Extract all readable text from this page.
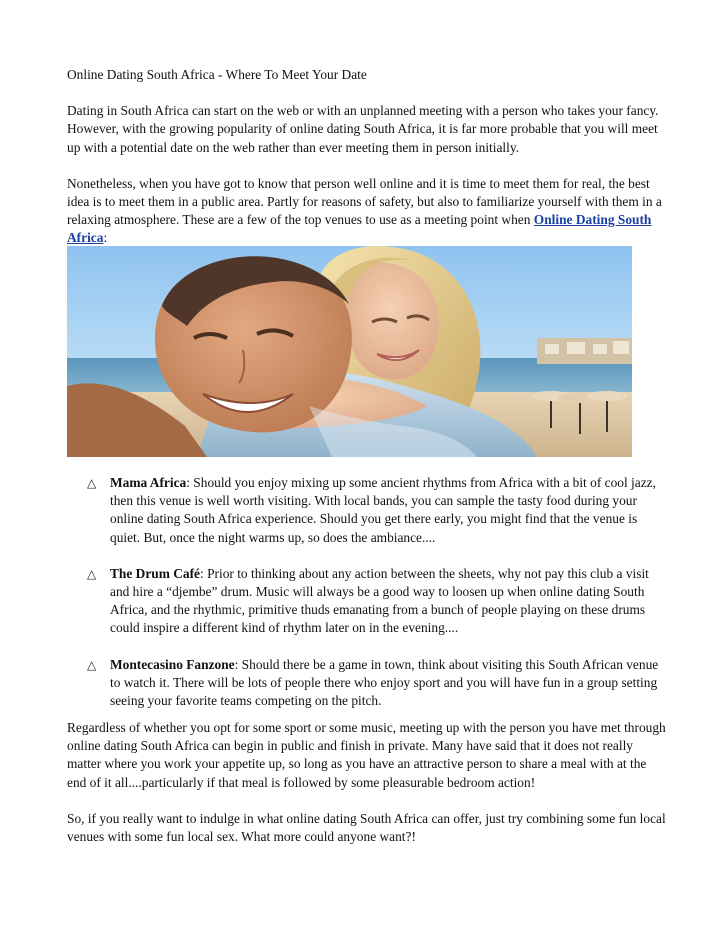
Online Dating South Africa - Where To Meet Your Date

Dating in South Africa can start on the web or with an unplanned meeting with a person who takes your fancy. However, with the growing popularity of online dating South Africa, it is far more probable that you will meet up with a potential date on the web rather than ever meeting them in person initially.

Nonetheless, when you have got to know that person well online and it is time to meet them for real, the best idea is to meet them in a public area. Partly for reasons of safety, but also to familiarize yourself with them in a relaxing atmosphere. These are a few of the top venues to use as a meeting point when Online Dating South Africa:

△	Mama Africa: Should you enjoy mixing up some ancient rhythms from Africa with a bit of cool jazz, then this venue is well worth visiting. With local bands, you can sample the tasty food during your online dating South Africa experience. Should you get there early, you might find that the venue is quiet. But, once the night warms up, so does the ambiance....
△	The Drum Café: Prior to thinking about any action between the sheets, why not pay this club a visit and hire a “djembe” drum. Music will always be a good way to loosen up when online dating South Africa, and the rhythmic, primitive thuds emanating from a bunch of people playing on these drums could inspire a different kind of rhythm later on in the evening....
△	Montecasino Fanzone: Should there be a game in town, think about visiting this South African venue to watch it. There will be lots of people there who enjoy sport and you will have fun in a group setting seeing your favorite teams competing on the pitch.

Regardless of whether you opt for some sport or some music, meeting up with the person you have met through online dating South Africa can begin in public and finish in private. Many have said that it does not really matter where you work your appetite up, so long as you have an attractive person to share a meal with at the end of it all....particularly if that meal is followed by some pleasurable bedroom action!

So, if you really want to indulge in what online dating South Africa can offer, just try combining some fun local venues with some fun local sex. What more could anyone want?!
